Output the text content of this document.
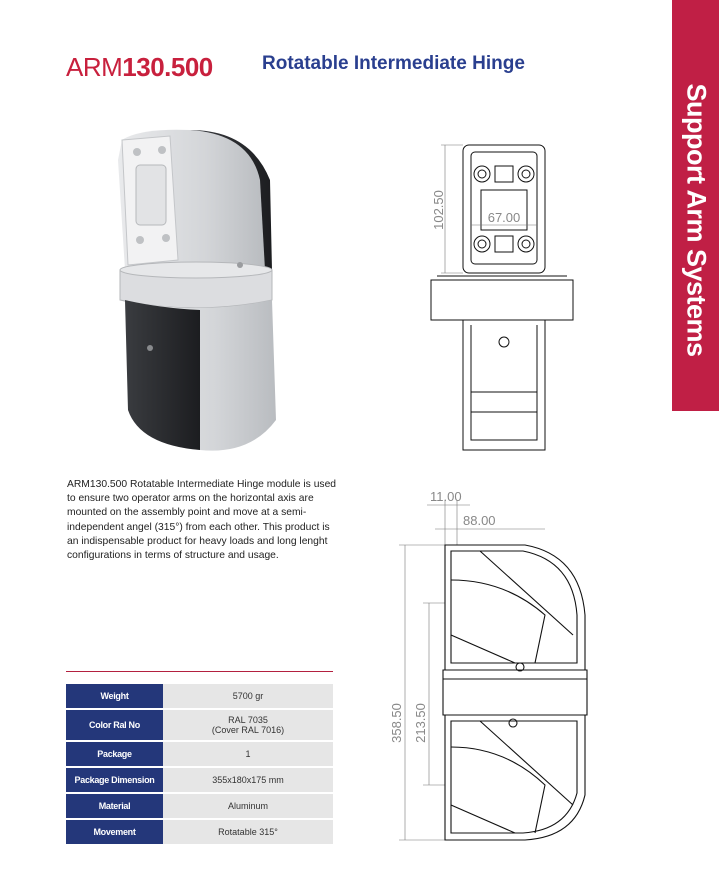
ARM130.500	Rotatable Intermediate Hinge
Support Arm Systems
102.50	67.00
11.00
88.00
358.50 213.50

ARM130.500 Rotatable Intermediate Hinge module is used to ensure two operator arms on the horizontal axis are mounted on the assembly point and move at a semi-independent angel (315°) from each other. This product is an indispensable product for heavy loads and long lenght configurations in terms of structure and usage.

Weight	5700 gr
Color Ral No	RAL 7035
(Cover RAL 7016)
Package	1
Package Dimension	355x180x175 mm
Material	Aluminum
Movement	Rotatable 315°
